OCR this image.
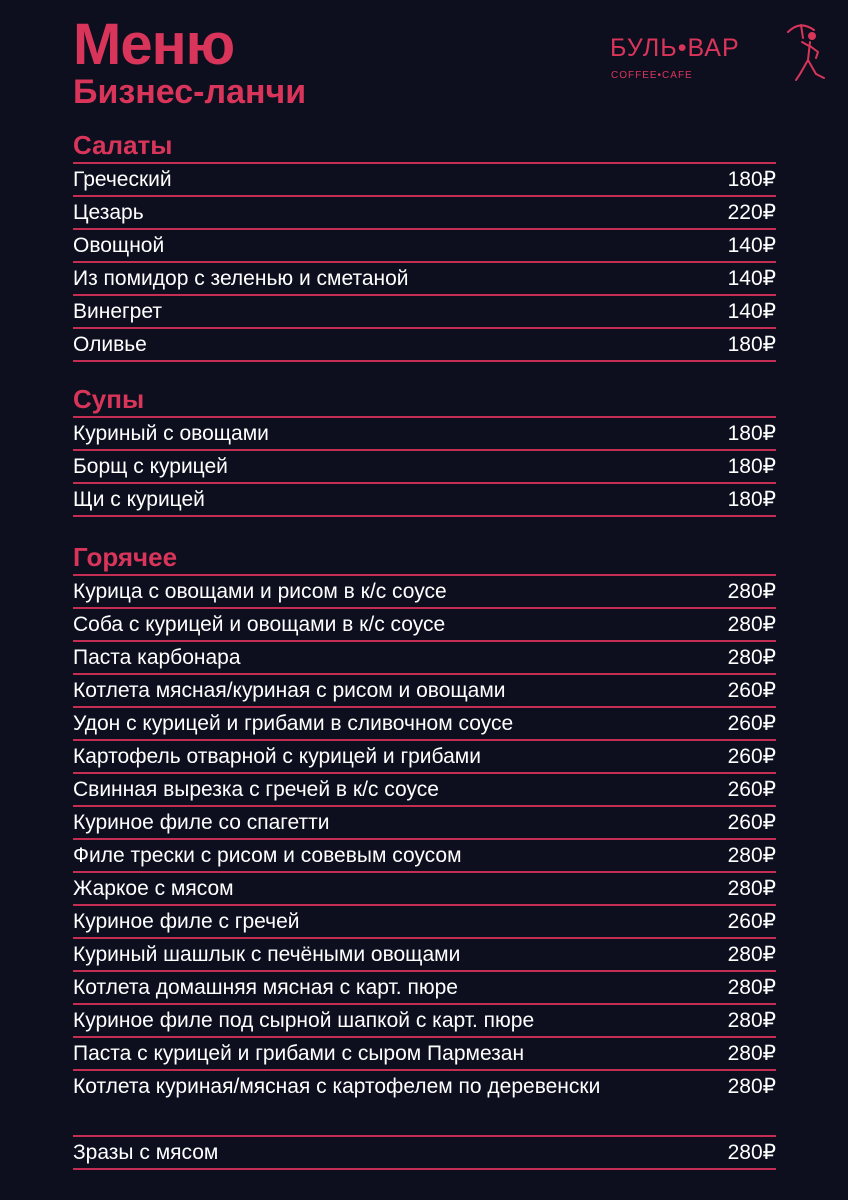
Меню
Бизнес-ланчи
БУЛЬ•ВАР
COFFEE•CAFE
Салаты
Греческий	180₽
Цезарь	220₽
Овощной	140₽
Из помидор с зеленью и сметаной	140₽
Винегрет	140₽
Оливье	180₽
Супы
Куриный с овощами	180₽
Борщ с курицей	180₽
Щи с курицей	180₽
Горячее
Курица с овощами и рисом в к/с соусе	280₽
Соба с курицей и овощами в к/с соусе	280₽
Паста карбонара	280₽
Котлета мясная/куриная с рисом и овощами	260₽
Удон с курицей и грибами в сливочном соусе	260₽
Картофель отварной с курицей и грибами	260₽
Свинная вырезка с гречей в к/с соусе	260₽
Куриное филе со спагетти	260₽
Филе трески с рисом и совевым соусом	280₽
Жаркое с мясом	280₽
Куриное филе с гречей	260₽
Куриный шашлык с печёными овощами	280₽
Котлета домашняя мясная с карт. пюре	280₽
Куриное филе под сырной шапкой с карт. пюре	280₽
Паста с курицей и грибами с сыром Пармезан	280₽
Котлета куриная/мясная с картофелем по деревенски	280₽
Зразы с мясом	280₽
